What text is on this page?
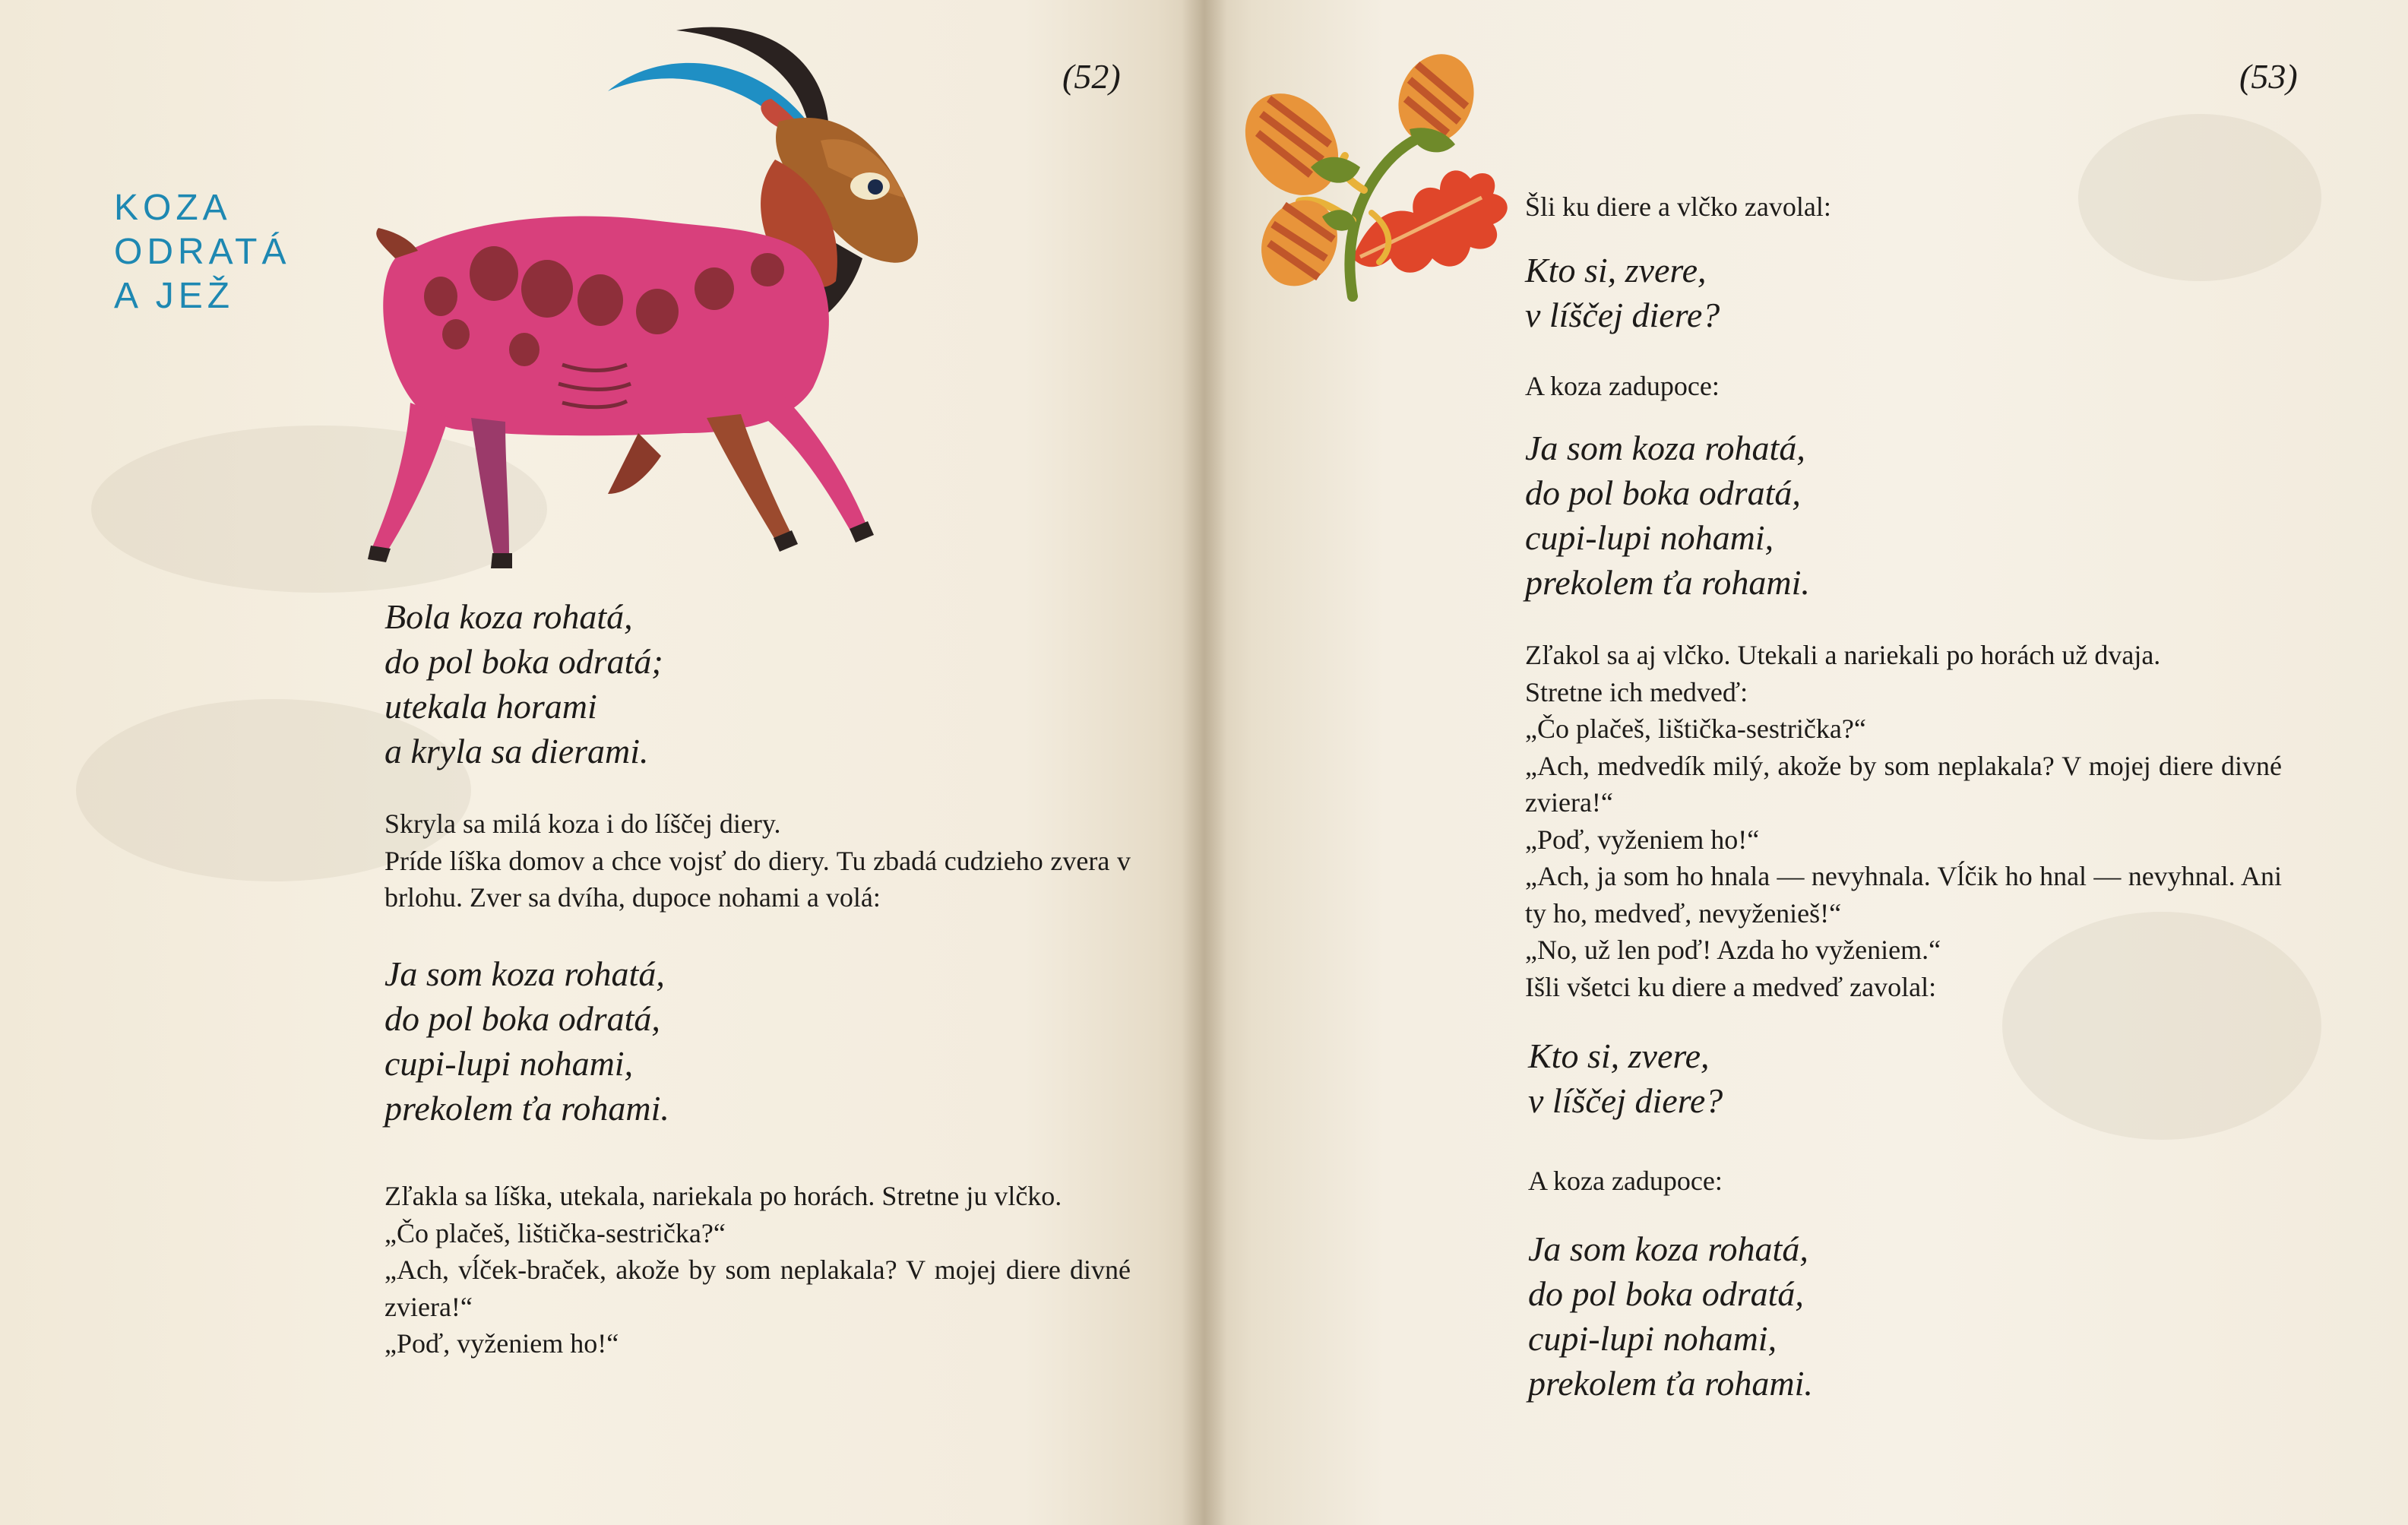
(52)
KOZA
ODRATÁ
A JEŽ
Bola koza rohatá,
do pol boka odratá;
utekala horami
a kryla sa dierami.

Skryla sa milá koza i do líščej diery.

Príde líška domov a chce vojsť do diery. Tu zbadá cudzieho zvera v brlohu. Zver sa dvíha, dupoce nohami a volá:

Ja som koza rohatá,
do pol boka odratá,
cupi-lupi nohami,
prekolem ťa rohami.

Zľakla sa líška, utekala, nariekala po horách. Stretne ju vlčko.

„Čo plačeš, lištička-sestrička?“

„Ach, vĺček-braček, akože by som neplakala? V mojej diere divné zviera!“

„Poď, vyženiem ho!“

(53)

Šli ku diere a vlčko zavolal:

Kto si, zvere,
v líščej diere?

A koza zadupoce:

Ja som koza rohatá,
do pol boka odratá,
cupi-lupi nohami,
prekolem ťa rohami.

Zľakol sa aj vlčko. Utekali a nariekali po horách už dvaja.

Stretne ich medveď:

„Čo plačeš, lištička-sestrička?“

„Ach, medvedík milý, akože by som neplakala? V mojej diere divné zviera!“

„Poď, vyženiem ho!“

„Ach, ja som ho hnala — nevyhnala. Vĺčik ho hnal — nevyhnal. Ani ty ho, medveď, nevyženieš!“

„No, už len poď! Azda ho vyženiem.“

Išli všetci ku diere a medveď zavolal:

Kto si, zvere,
v líščej diere?

A koza zadupoce:

Ja som koza rohatá,
do pol boka odratá,
cupi-lupi nohami,
prekolem ťa rohami.
